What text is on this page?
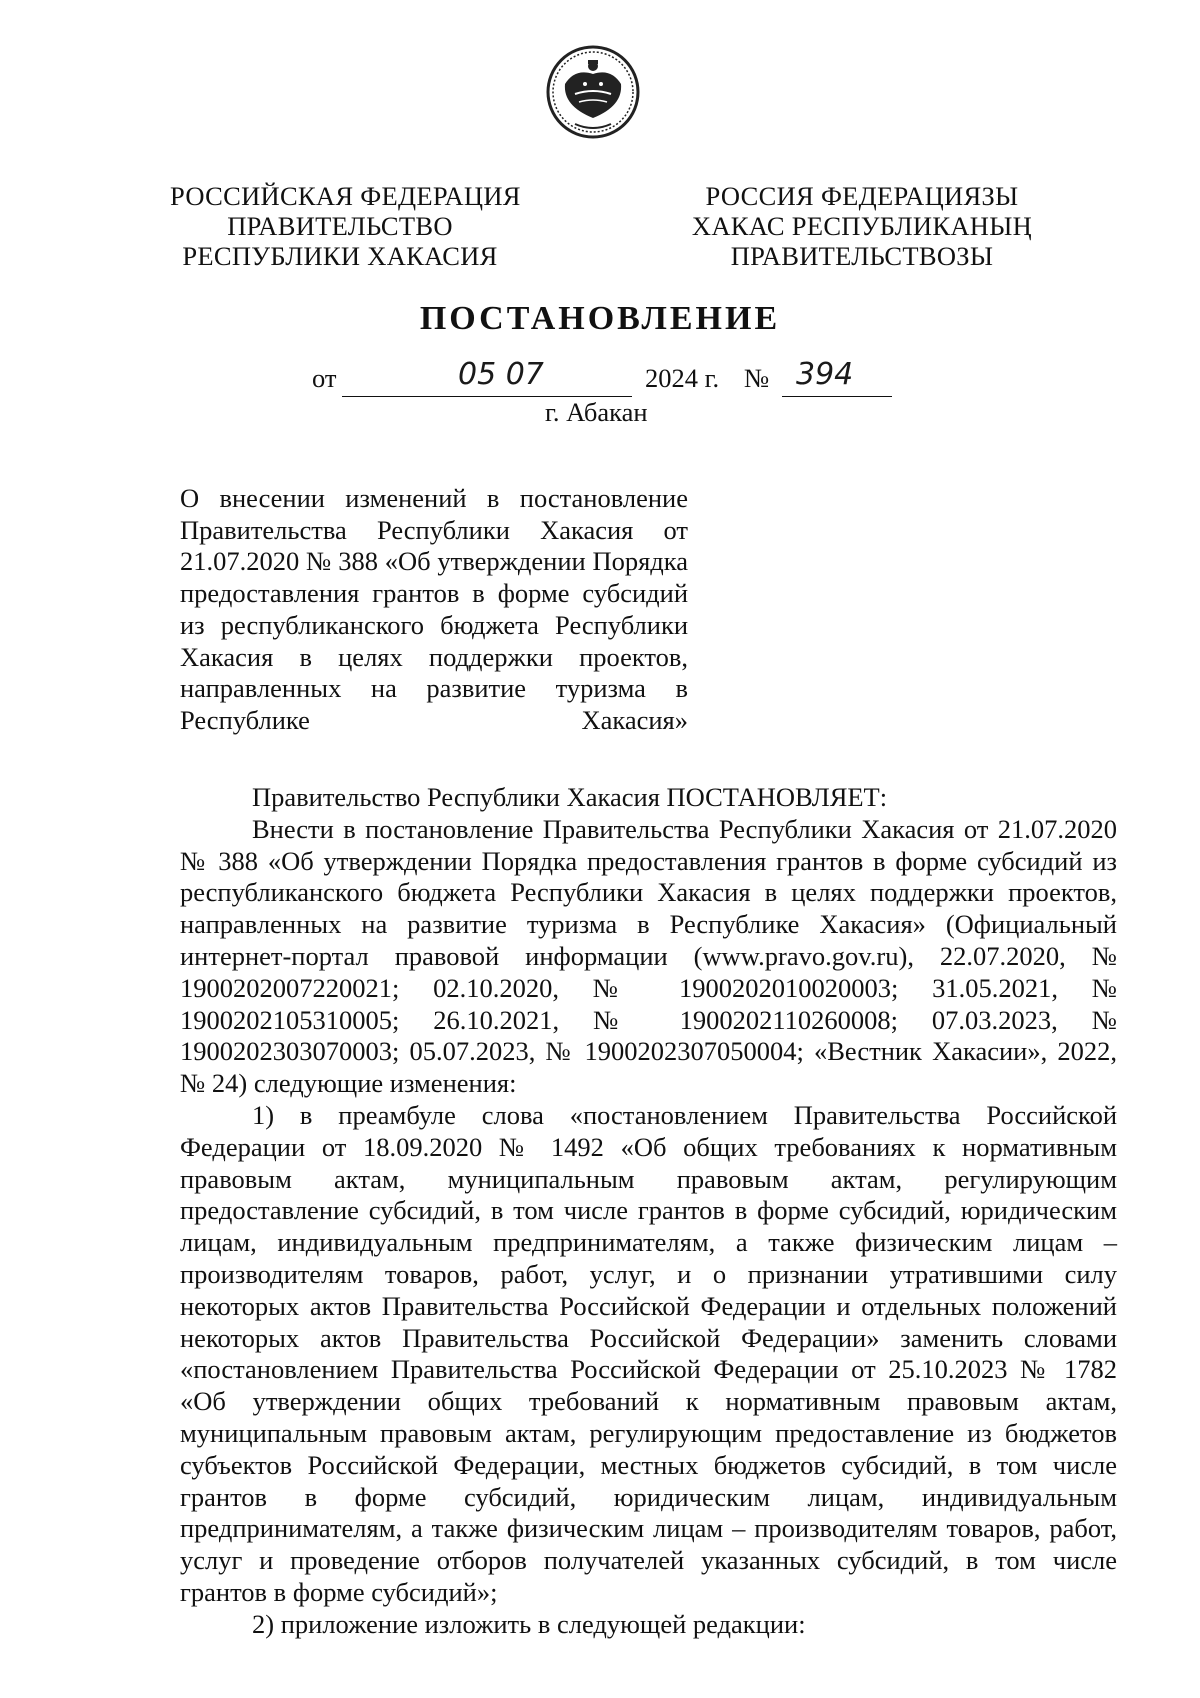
РОССИЙСКАЯ ФЕДЕРАЦИЯ
ПРАВИТЕЛЬСТВО
РЕСПУБЛИКИ ХАКАСИЯ
РОССИЯ ФЕДЕРАЦИЯЗЫ
ХАКАС РЕСПУБЛИКАНЫҢ
ПРАВИТЕЛЬСТВОЗЫ
ПОСТАНОВЛЕНИЕ
от	05 07	2024 г. № 394
г. Абакан
О внесении изменений в постановление Правительства Республики Хакасия от 21.07.2020 № 388 «Об утверждении Порядка предоставления грантов в форме субсидий из республиканского бюджета Республики Хакасия в целях поддержки проектов, направленных на развитие туризма в Республике Хакасия»

Правительство Республики Хакасия ПОСТАНОВЛЯЕТ:

Внести в постановление Правительства Республики Хакасия от 21.07.2020 № 388 «Об утверждении Порядка предоставления грантов в форме субсидий из республиканского бюджета Республики Хакасия в целях поддержки проектов, направленных на развитие туризма в Республике Хакасия» (Официальный интернет-портал правовой информации (www.pravo.gov.ru), 22.07.2020, № 1900202007220021; 02.10.2020, № 1900202010020003; 31.05.2021, № 1900202105310005; 26.10.2021, № 1900202110260008; 07.03.2023, № 1900202303070003; 05.07.2023, № 1900202307050004; «Вестник Хакасии», 2022, № 24) следующие изменения:

1) в преамбуле слова «постановлением Правительства Российской Федерации от 18.09.2020 № 1492 «Об общих требованиях к нормативным правовым актам, муниципальным правовым актам, регулирующим предоставление субсидий, в том числе грантов в форме субсидий, юридическим лицам, индивидуальным предпринимателям, а также физическим лицам – производителям товаров, работ, услуг, и о признании утратившими силу некоторых актов Правительства Российской Федерации и отдельных положений некоторых актов Правительства Российской Федерации» заменить словами «постановлением Правительства Российской Федерации от 25.10.2023 № 1782 «Об утверждении общих требований к нормативным правовым актам, муниципальным правовым актам, регулирующим предоставление из бюджетов субъектов Российской Федерации, местных бюджетов субсидий, в том числе грантов в форме субсидий, юридическим лицам, индивидуальным предпринимателям, а также физическим лицам – производителям товаров, работ, услуг и проведение отборов получателей указанных субсидий, в том числе грантов в форме субсидий»;

2) приложение изложить в следующей редакции:
